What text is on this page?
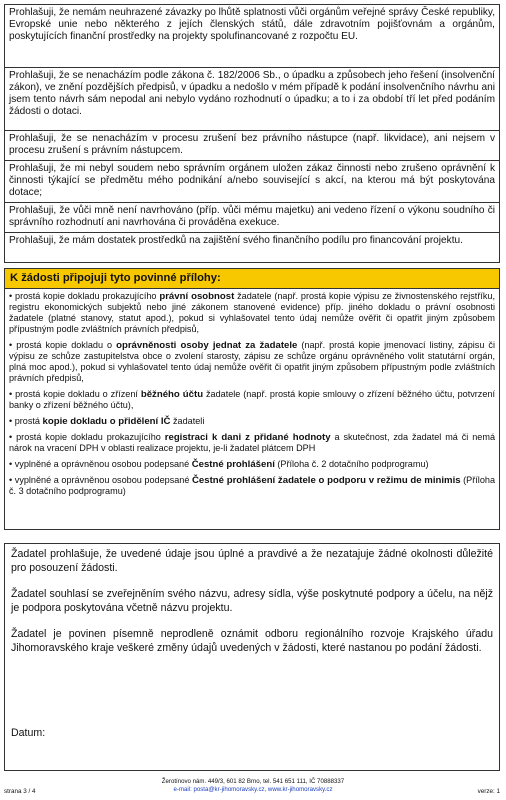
Prohlašuji, že nemám neuhrazené závazky po lhůtě splatnosti vůči orgánům veřejné správy České republiky, Evropské unie nebo některého z jejích členských států, dále zdravotním pojišťovnám a orgánům, poskytujících finanční prostředky na projekty spolufinancované z rozpočtu EU.
Prohlašuji, že se nenacházím podle zákona č. 182/2006 Sb., o úpadku a způsobech jeho řešení (insolvenční zákon), ve znění pozdějších předpisů, v úpadku a nedošlo v mém případě k podání insolvenčního návrhu ani jsem tento návrh sám nepodal ani nebylo vydáno rozhodnutí o úpadku; a to i za období tří let před podáním žádosti o dotaci.
Prohlašuji, že se nenacházím v procesu zrušení bez právního nástupce (např. likvidace), ani nejsem v procesu zrušení s právním nástupcem.
Prohlašuji, že mi nebyl soudem nebo správním orgánem uložen zákaz činnosti nebo zrušeno oprávnění k činnosti týkající se předmětu mého podnikání a/nebo související s akcí, na kterou má být poskytována dotace;
Prohlašuji, že vůči mně není navrhováno (příp. vůči mému majetku) ani vedeno řízení o výkonu soudního či správního rozhodnutí ani navrhována či prováděna exekuce.
Prohlašuji, že mám dostatek prostředků na zajištění svého finančního podílu pro financování projektu.
K žádosti připojuji tyto povinné přílohy:
• prostá kopie dokladu prokazujícího právní osobnost žadatele (např. prostá kopie výpisu ze živnostenského rejstříku, registru ekonomických subjektů nebo jiné zákonem stanovené evidence) příp. jiného dokladu o právní osobnosti žadatele (platné stanovy, statut apod.), pokud si vyhlašovatel tento údaj nemůže ověřit či opatřit jiným způsobem přípustným podle zvláštních právních předpisů,
• prostá kopie dokladu o oprávněnosti osoby jednat za žadatele (např. prostá kopie jmenovací listiny, zápisu či výpisu ze schůze zastupitelstva obce o zvolení starosty, zápisu ze schůze orgánu oprávněného volit statutární orgán, plná moc apod.), pokud si vyhlašovatel tento údaj nemůže ověřit či opatřit jiným způsobem přípustným podle zvláštních právních předpisů,
• prostá kopie dokladu o zřízení běžného účtu žadatele (např. prostá kopie smlouvy o zřízení běžného účtu, potvrzení banky o zřízení běžného účtu),
• prostá kopie dokladu o přidělení IČ žadateli
• prostá kopie dokladu prokazujícího registraci k dani z přidané hodnoty a skutečnost, zda žadatel má či nemá nárok na vracení DPH v oblasti realizace projektu, je-li žadatel plátcem DPH
• vyplněné a oprávněnou osobou podepsané Čestné prohlášení (Příloha č. 2 dotačního podprogramu)
• vyplněné a oprávněnou osobou podepsané Čestné prohlášení žadatele o podporu v režimu de minimis (Příloha č. 3 dotačního podprogramu)

Žadatel prohlašuje, že uvedené údaje jsou úplné a pravdivé a že nezatajuje žádné okolnosti důležité pro posouzení žádosti.

Žadatel souhlasí se zveřejněním svého názvu, adresy sídla, výše poskytnuté podpory a účelu, na nějž je podpora poskytována včetně názvu projektu.

Žadatel je povinen písemně neprodleně oznámit odboru regionálního rozvoje Krajského úřadu Jihomoravského kraje veškeré změny údajů uvedených v žádosti, které nastanou po podání žádosti.

Datum:

strana 3 / 4
Žerotínovo nám. 449/3, 601 82 Brno, tel. 541 651 111, IČ 70888337
e-mail: posta@kr-jihomoravsky.cz, www.kr-jihomoravsky.cz	verze: 1
